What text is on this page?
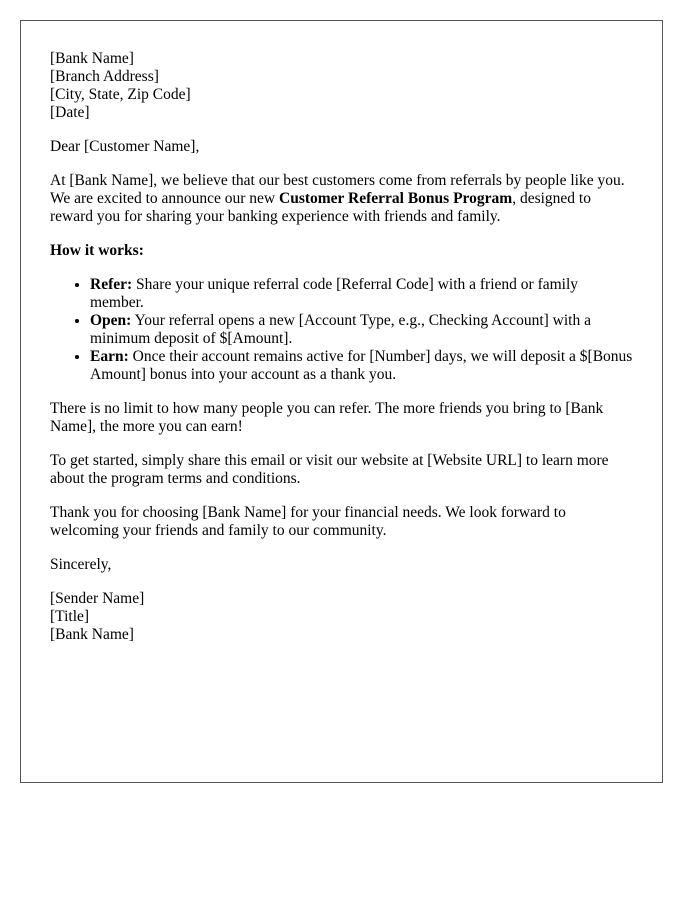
[Bank Name]
[Branch Address]
[City, State, Zip Code]
[Date]

Dear [Customer Name],

At [Bank Name], we believe that our best customers come from referrals by people like you. We are excited to announce our new Customer Referral Bonus Program, designed to reward you for sharing your banking experience with friends and family.

How it works:

• Refer: Share your unique referral code [Referral Code] with a friend or family member.
• Open: Your referral opens a new [Account Type, e.g., Checking Account] with a minimum deposit of $[Amount].
• Earn: Once their account remains active for [Number] days, we will deposit a $[Bonus Amount] bonus into your account as a thank you.

There is no limit to how many people you can refer. The more friends you bring to [Bank Name], the more you can earn!

To get started, simply share this email or visit our website at [Website URL] to learn more about the program terms and conditions.

Thank you for choosing [Bank Name] for your financial needs. We look forward to welcoming your friends and family to our community.

Sincerely,

[Sender Name]
[Title]
[Bank Name]
